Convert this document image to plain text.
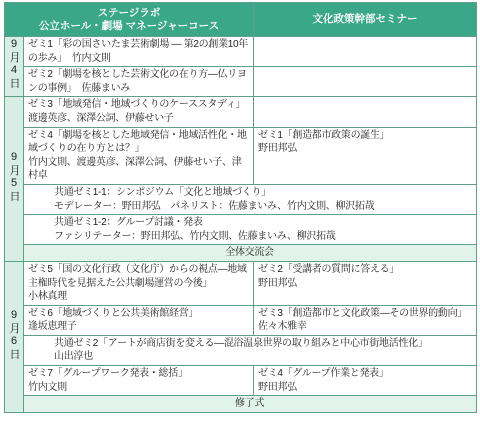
ステージラボ
公立ホール・劇場 マネージャーコース		文化政策幹部セミナー
9月4日	ゼミ1「彩の国さいたま芸術劇場 ― 第2の創業10年の歩み」 竹内文則	
	ゼミ2「劇場を核とした芸術文化の在り方―仏リヨンの事例」 佐藤まいみ	
9月5日	ゼミ3「地域発信・地域づくりのケーススタディ」
渡邊英彦、深澤公詞、伊藤せい子	

	ゼミ4「劇場を核とした地域発信・地域活性化・地域づくりの在り方とは？」
竹内文則、渡邊英彦、深澤公詞、伊藤せい子、津村卓	ゼミ1「創造都市政策の誕生」
野田邦弘

	共通ゼミ1-1：シンポジウム「文化と地域づくり」
モデレーター：野田邦弘　パネリスト：佐藤まいみ、竹内文則、柳沢拓哉	

	共通ゼミ1-2：グループ討議・発表
ファシリテーター：野田邦弘、竹内文則、佐藤まいみ、柳沢拓哉	

	全体交流会	
9月6日	ゼミ5「国の文化行政（文化庁）からの視点―地域主権時代を見据えた公共劇場運営の今後」
小林真理	ゼミ2「受講者の質問に答える」
野田邦弘

	ゼミ6「地域づくりと公共美術館経営」
逢坂恵理子	ゼミ3「創造都市と文化政策―その世界的動向」
佐々木雅幸

	共通ゼミ2「アートが商店街を変える―混浴温泉世界の取り組みと中心市街地活性化」
山出淳也	

	ゼミ7「グループワーク発表・総括」
竹内文則	ゼミ4「グループ作業と発表」
野田邦弘

	修了式	
